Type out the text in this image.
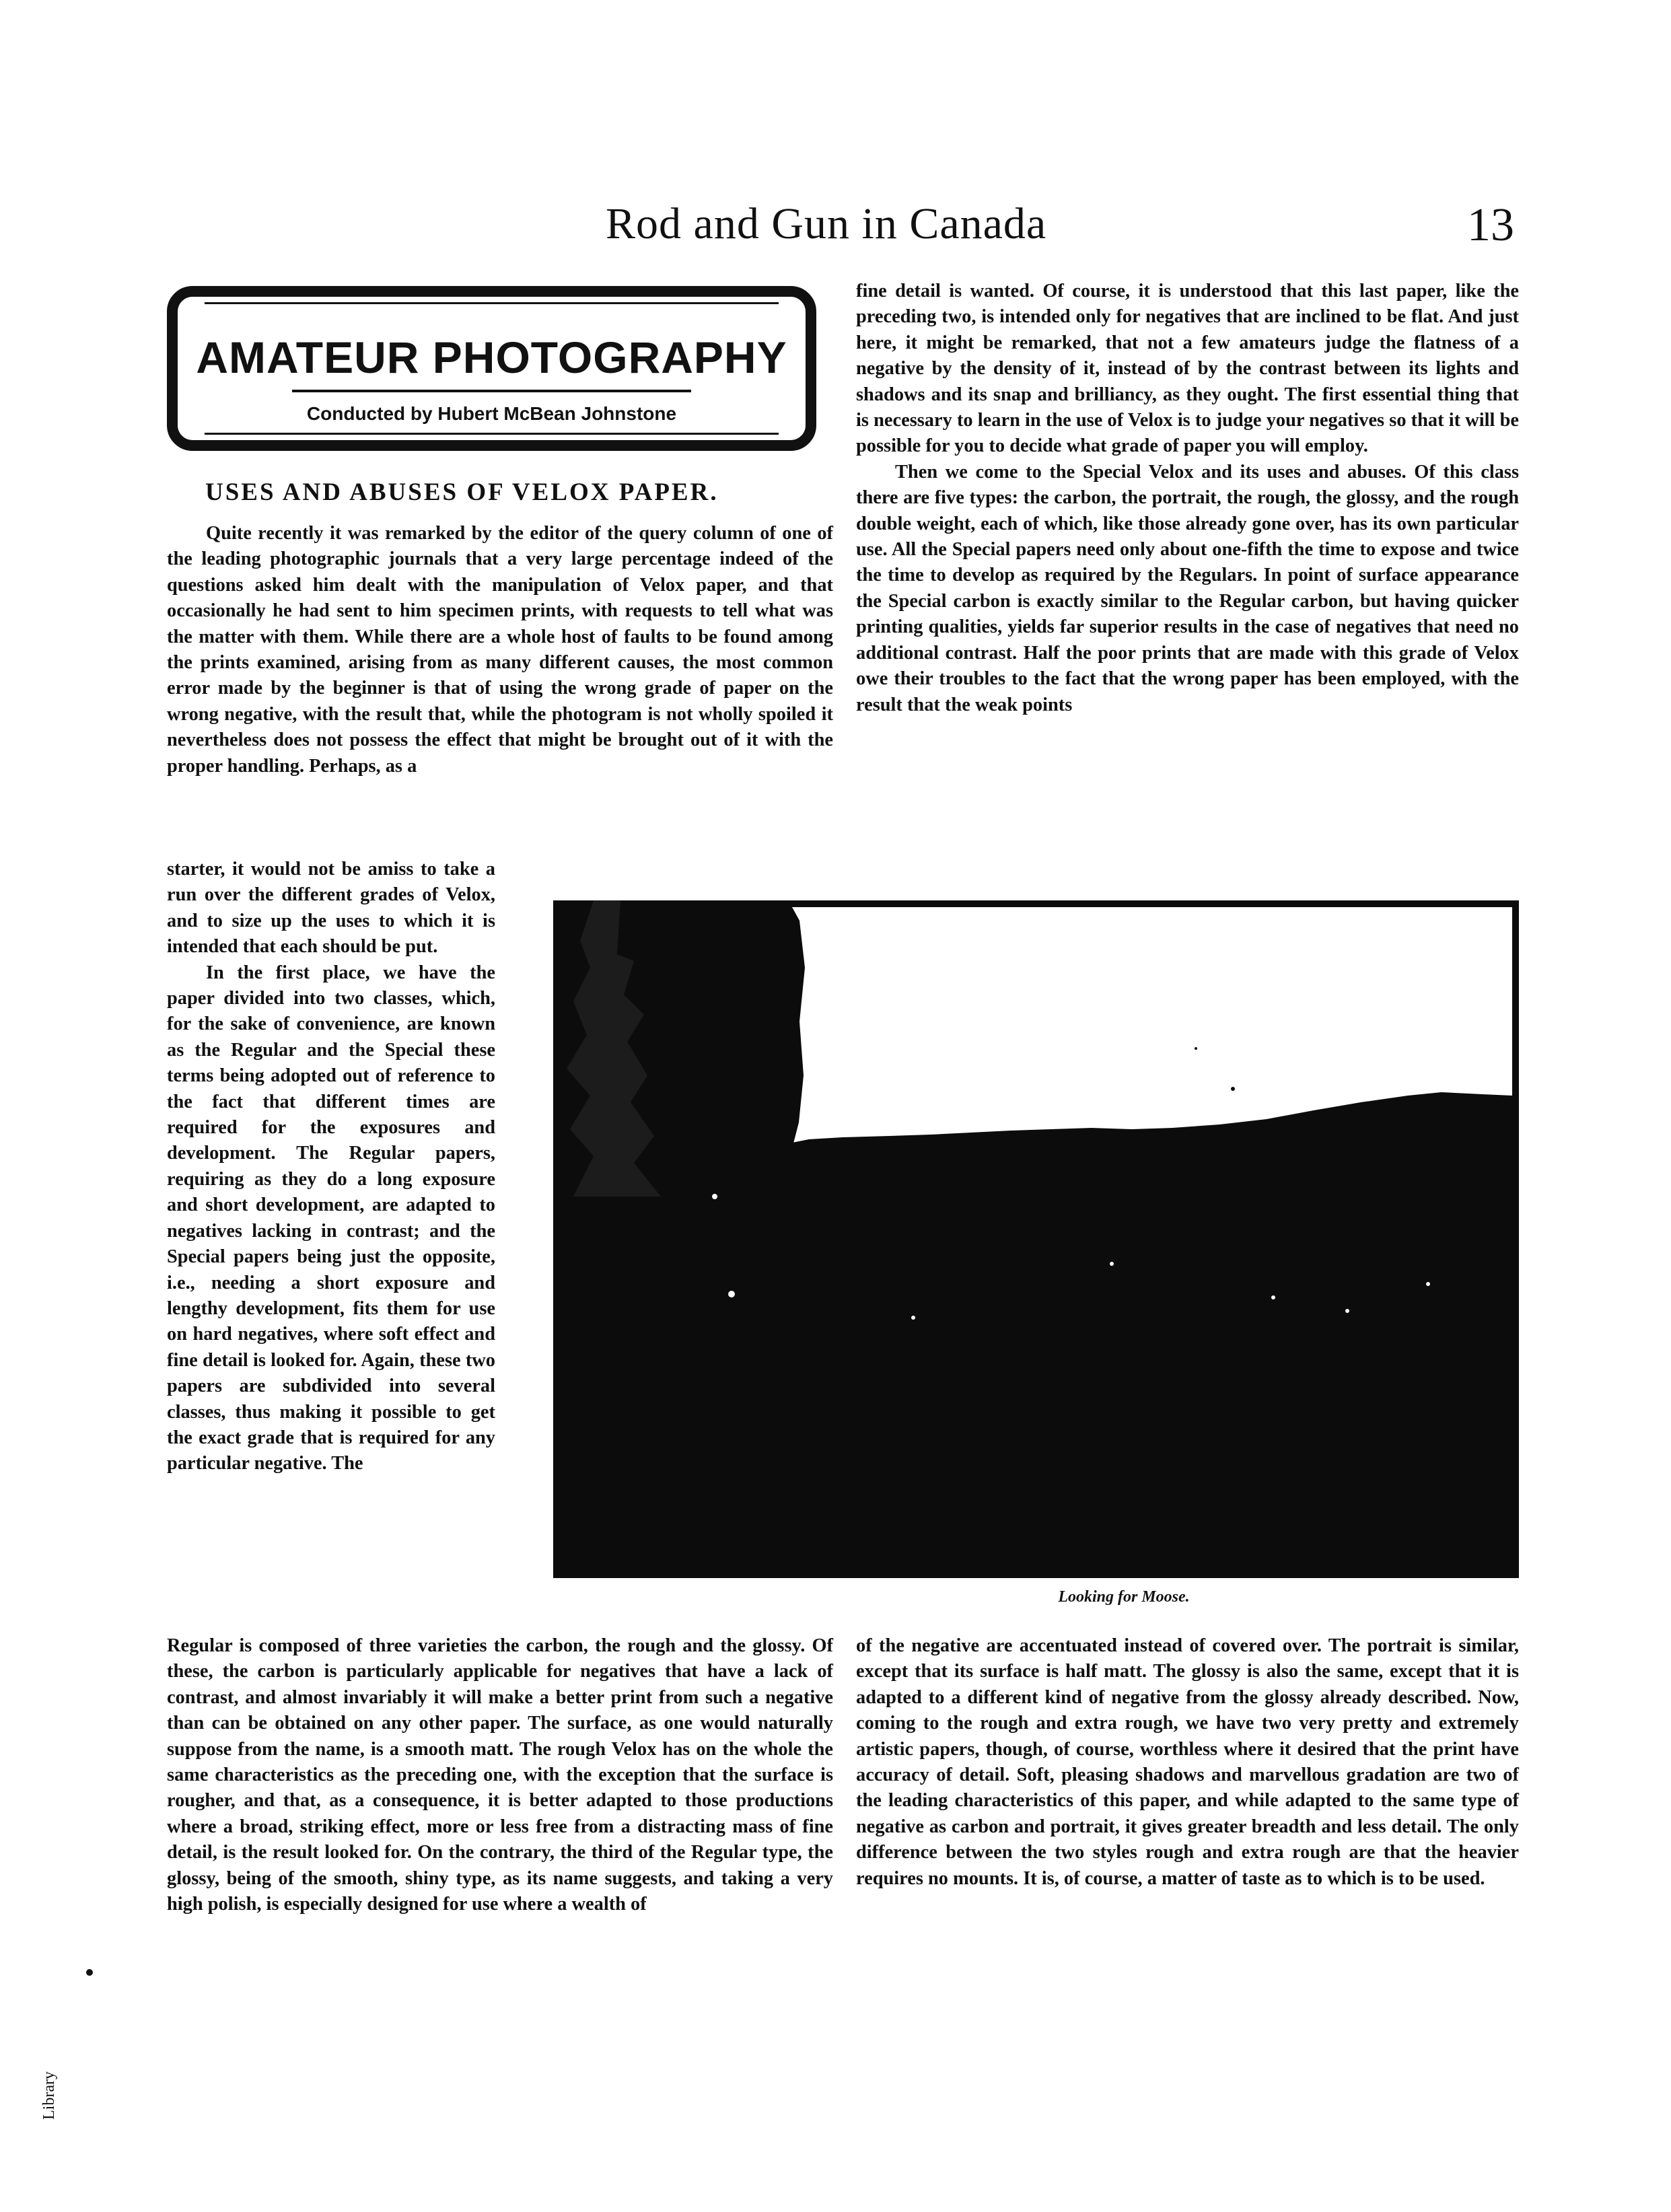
Rod and Gun in Canada	13
AMATEUR PHOTOGRAPHY
Conducted by Hubert McBean Johnstone
USES AND ABUSES OF VELOX PAPER.

Quite recently it was remarked by the editor of the query column of one of the leading photographic journals that a very large percentage indeed of the questions asked him dealt with the manipulation of Velox paper, and that occasionally he had sent to him specimen prints, with requests to tell what was the matter with them. While there are a whole host of faults to be found among the prints examined, arising from as many different causes, the most common error made by the beginner is that of using the wrong grade of paper on the wrong negative, with the result that, while the photogram is not wholly spoiled it nevertheless does not possess the effect that might be brought out of it with the proper handling. Perhaps, as a

starter, it would not be amiss to take a run over the different grades of Velox, and to size up the uses to which it is intended that each should be put.

In the first place, we have the paper divided into two classes, which, for the sake of convenience, are known as the Regular and the Special these terms being adopted out of reference to the fact that different times are required for the exposures and development. The Regular papers, requiring as they do a long exposure and short development, are adapted to negatives lacking in contrast; and the Special papers being just the opposite, i.e., needing a short exposure and lengthy development, fits them for use on hard negatives, where soft effect and fine detail is looked for. Again, these two papers are subdivided into several classes, thus making it possible to get the exact grade that is required for any particular negative. The

Looking for Moose.

Regular is composed of three varieties the carbon, the rough and the glossy. Of these, the carbon is particularly applicable for negatives that have a lack of contrast, and almost invariably it will make a better print from such a negative than can be obtained on any other paper. The surface, as one would naturally suppose from the name, is a smooth matt. The rough Velox has on the whole the same characteristics as the preceding one, with the exception that the surface is rougher, and that, as a consequence, it is better adapted to those productions where a broad, striking effect, more or less free from a distracting mass of fine detail, is the result looked for. On the contrary, the third of the Regular type, the glossy, being of the smooth, shiny type, as its name suggests, and taking a very high polish, is especially designed for use where a wealth of

fine detail is wanted. Of course, it is understood that this last paper, like the preceding two, is intended only for negatives that are inclined to be flat. And just here, it might be remarked, that not a few amateurs judge the flatness of a negative by the density of it, instead of by the contrast between its lights and shadows and its snap and brilliancy, as they ought. The first essential thing that is necessary to learn in the use of Velox is to judge your negatives so that it will be possible for you to decide what grade of paper you will employ.

Then we come to the Special Velox and its uses and abuses. Of this class there are five types: the carbon, the portrait, the rough, the glossy, and the rough double weight, each of which, like those already gone over, has its own particular use. All the Special papers need only about one-fifth the time to expose and twice the time to develop as required by the Regulars. In point of surface appearance the Special carbon is exactly similar to the Regular carbon, but having quicker printing qualities, yields far superior results in the case of negatives that need no additional contrast. Half the poor prints that are made with this grade of Velox owe their troubles to the fact that the wrong paper has been employed, with the result that the weak points

of the negative are accentuated instead of covered over. The portrait is similar, except that its surface is half matt. The glossy is also the same, except that it is adapted to a different kind of negative from the glossy already described. Now, coming to the rough and extra rough, we have two very pretty and extremely artistic papers, though, of course, worthless where it desired that the print have accuracy of detail. Soft, pleasing shadows and marvellous gradation are two of the leading characteristics of this paper, and while adapted to the same type of negative as carbon and portrait, it gives greater breadth and less detail. The only difference between the two styles rough and extra rough are that the heavier requires no mounts. It is, of course, a matter of taste as to which is to be used.

Library
